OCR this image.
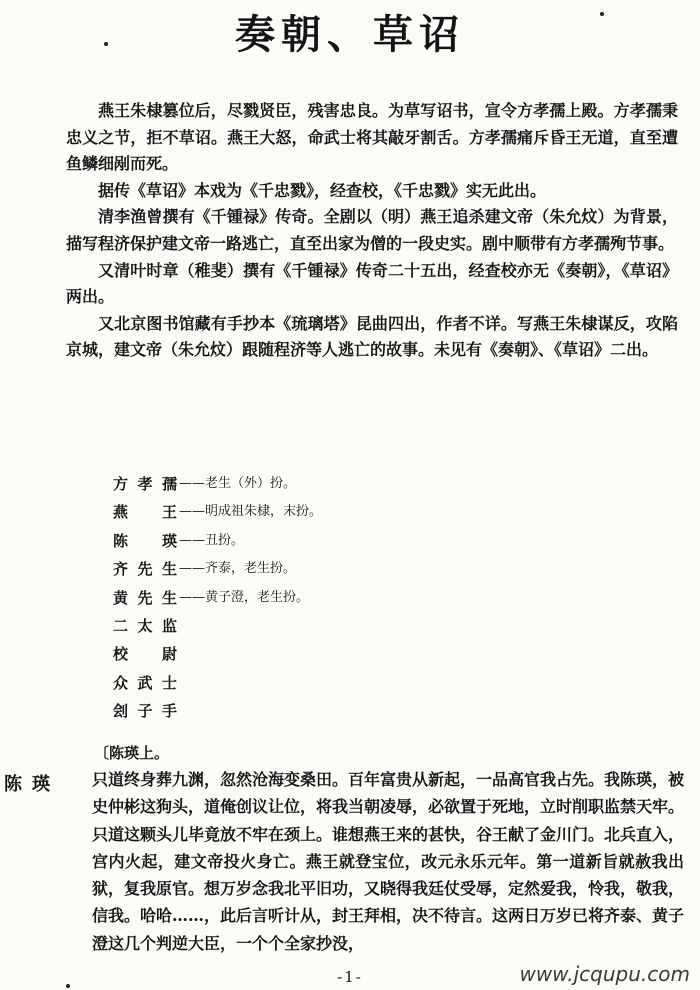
奏朝、草诏

燕王朱棣篡位后，尽戮贤臣，残害忠良。为草写诏书，宣令方孝孺上殿。方孝孺秉忠义之节，拒不草诏。燕王大怒，命武士将其敲牙割舌。方孝孺痛斥昏王无道，直至遭鱼鳞细剐而死。

据传《草诏》本戏为《千忠戮》，经查校，《千忠戮》实无此出。

清李渔曾撰有《千锺禄》传奇。全剧以（明）燕王追杀建文帝（朱允炆）为背景，描写程济保护建文帝一路逃亡，直至出家为僧的一段史实。剧中顺带有方孝孺殉节事。

又清叶时章（稚斐）撰有《千锺禄》传奇二十五出，经查校亦无《奏朝》，《草诏》两出。

又北京图书馆藏有手抄本《琉璃塔》昆曲四出，作者不详。写燕王朱棣谋反，攻陷京城，建文帝（朱允炆）跟随程济等人逃亡的故事。未见有《奏朝》、《草诏》二出。

方孝孺 ——老生（外）扮。
燕王 ——明成祖朱棣，末扮。
陈瑛 ——丑扮。
齐先生 ——齐泰，老生扮。
黄先生 ——黄子澄，老生扮。
二太监
校尉
众武士
刽子手
〔陈瑛上。
陈瑛 只道终身葬九渊，忽然沧海变桑田。百年富贵从新起，一品高官我占先。我陈瑛，被史仲彬这狗头，道俺创议让位，将我当朝凌辱，必欲置于死地，立时削职监禁天牢。只道这颗头儿毕竟放不牢在颈上。谁想燕王来的甚快，谷王献了金川门。北兵直入，宫内火起，建文帝投火身亡。燕王就登宝位，改元永乐元年。第一道新旨就赦我出狱，复我原官。想万岁念我北平旧功，又晓得我廷仗受辱，定然爱我，怜我，敬我，信我。哈哈……，此后言听计从，封王拜相，决不待言。这两日万岁已将齐泰、黄子澄这几个判逆大臣，一个个全家抄没，
-1-	www.jcqupu.com
